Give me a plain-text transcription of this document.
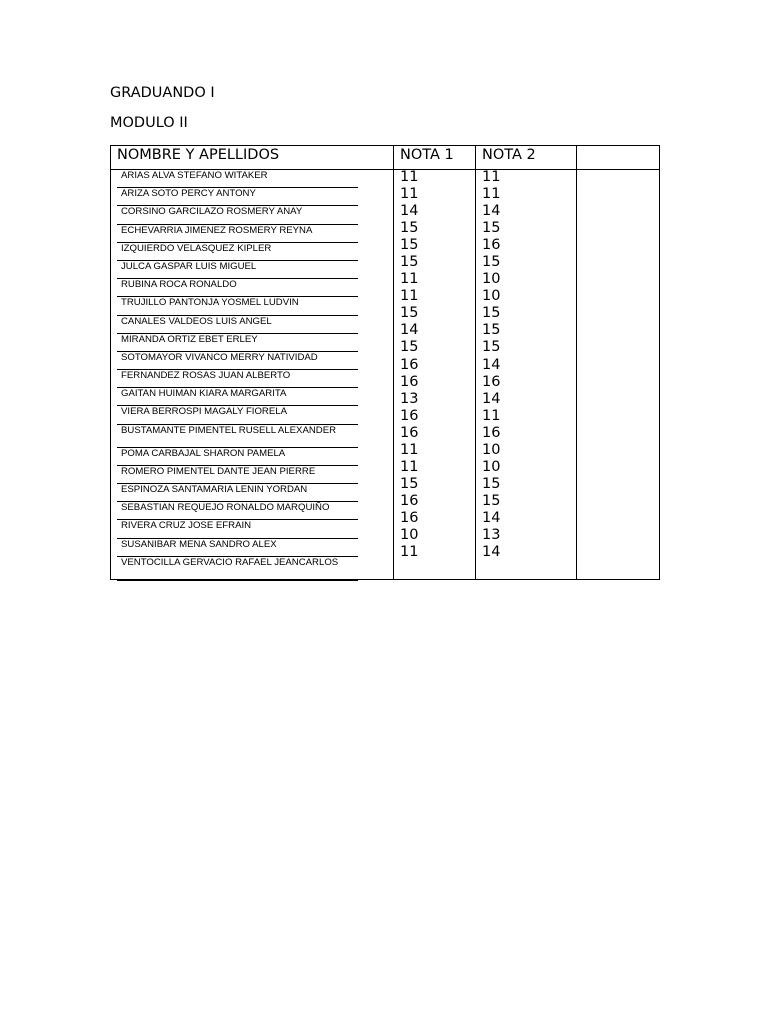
GRADUANDO I

MODULO II

NOMBRE Y APELLIDOS	NOTA 1 NOTA 2
ARIAS ALVA STEFANO WITAKER
ARIZA SOTO PERCY ANTONY
CORSINO GARCILAZO ROSMERY ANAY
ECHEVARRIA JIMENEZ ROSMERY REYNA
IZQUIERDO VELASQUEZ KIPLER
JULCA GASPAR LUIS MIGUEL
RUBINA ROCA RONALDO
TRUJILLO PANTONJA YOSMEL LUDVIN
CANALES VALDEOS LUIS ANGEL
MIRANDA ORTIZ EBET ERLEY
SOTOMAYOR VIVANCO MERRY NATIVIDAD
FERNANDEZ ROSAS JUAN ALBERTO
GAITAN HUIMAN KIARA MARGARITA
VIERA BERROSPI MAGALY FIORELA
BUSTAMANTE PIMENTEL RUSELL ALEXANDER
POMA CARBAJAL SHARON PAMELA
ROMERO PIMENTEL DANTE JEAN PIERRE
ESPINOZA SANTAMARIA LENIN YORDAN
SEBASTIAN REQUEJO RONALDO MARQUIÑO
RIVERA CRUZ JOSE EFRAIN
SUSANIBAR MENA SANDRO ALEX
VENTOCILLA GERVACIO RAFAEL JEANCARLOS
11
11
14
15
15
15
11
11
15
14
15
16
16
13
16
16
11
11
15
16
16
10
11
11
11
14
15
16
15
10
10
15
15
15
14
16
14
11
16
10
10
15
15
14
13
14
